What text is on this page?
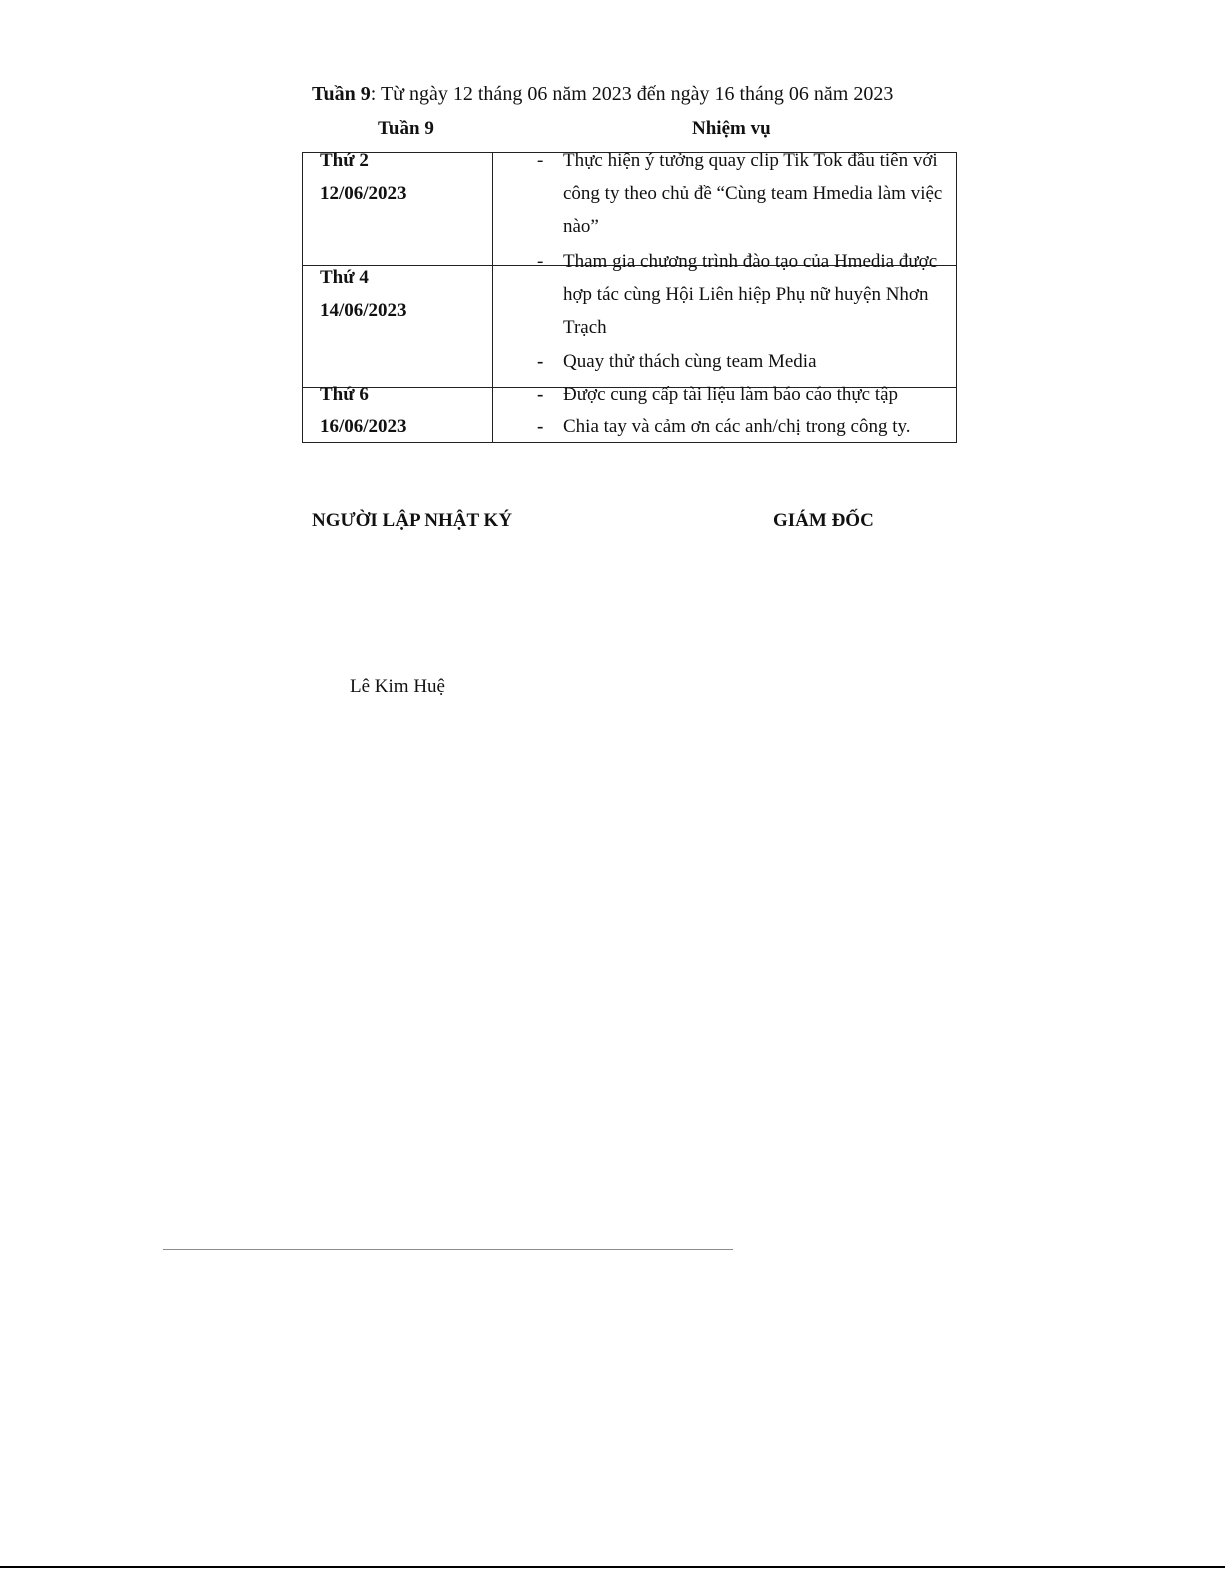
Tuần 9: Từ ngày 12 tháng 06 năm 2023 đến ngày 16 tháng 06 năm 2023
Tuần 9	Nhiệm vụ
Thứ 2
12/06/2023
- Thực hiện ý tưởng quay clip Tik Tok đầu tiên với
công ty theo chủ đề “Cùng team Hmedia làm việc
nào”
Thứ 4
14/06/2023
- Tham gia chương trình đào tạo của Hmedia được
hợp tác cùng Hội Liên hiệp Phụ nữ huyện Nhơn
Trạch
- Quay thử thách cùng team Media
Thứ 6
16/06/2023
- Được cung cấp tài liệu làm báo cáo thực tập
- Chia tay và cảm ơn các anh/chị trong công ty.
NGƯỜI LẬP NHẬT KÝ	GIÁM ĐỐC
Lê Kim Huệ
